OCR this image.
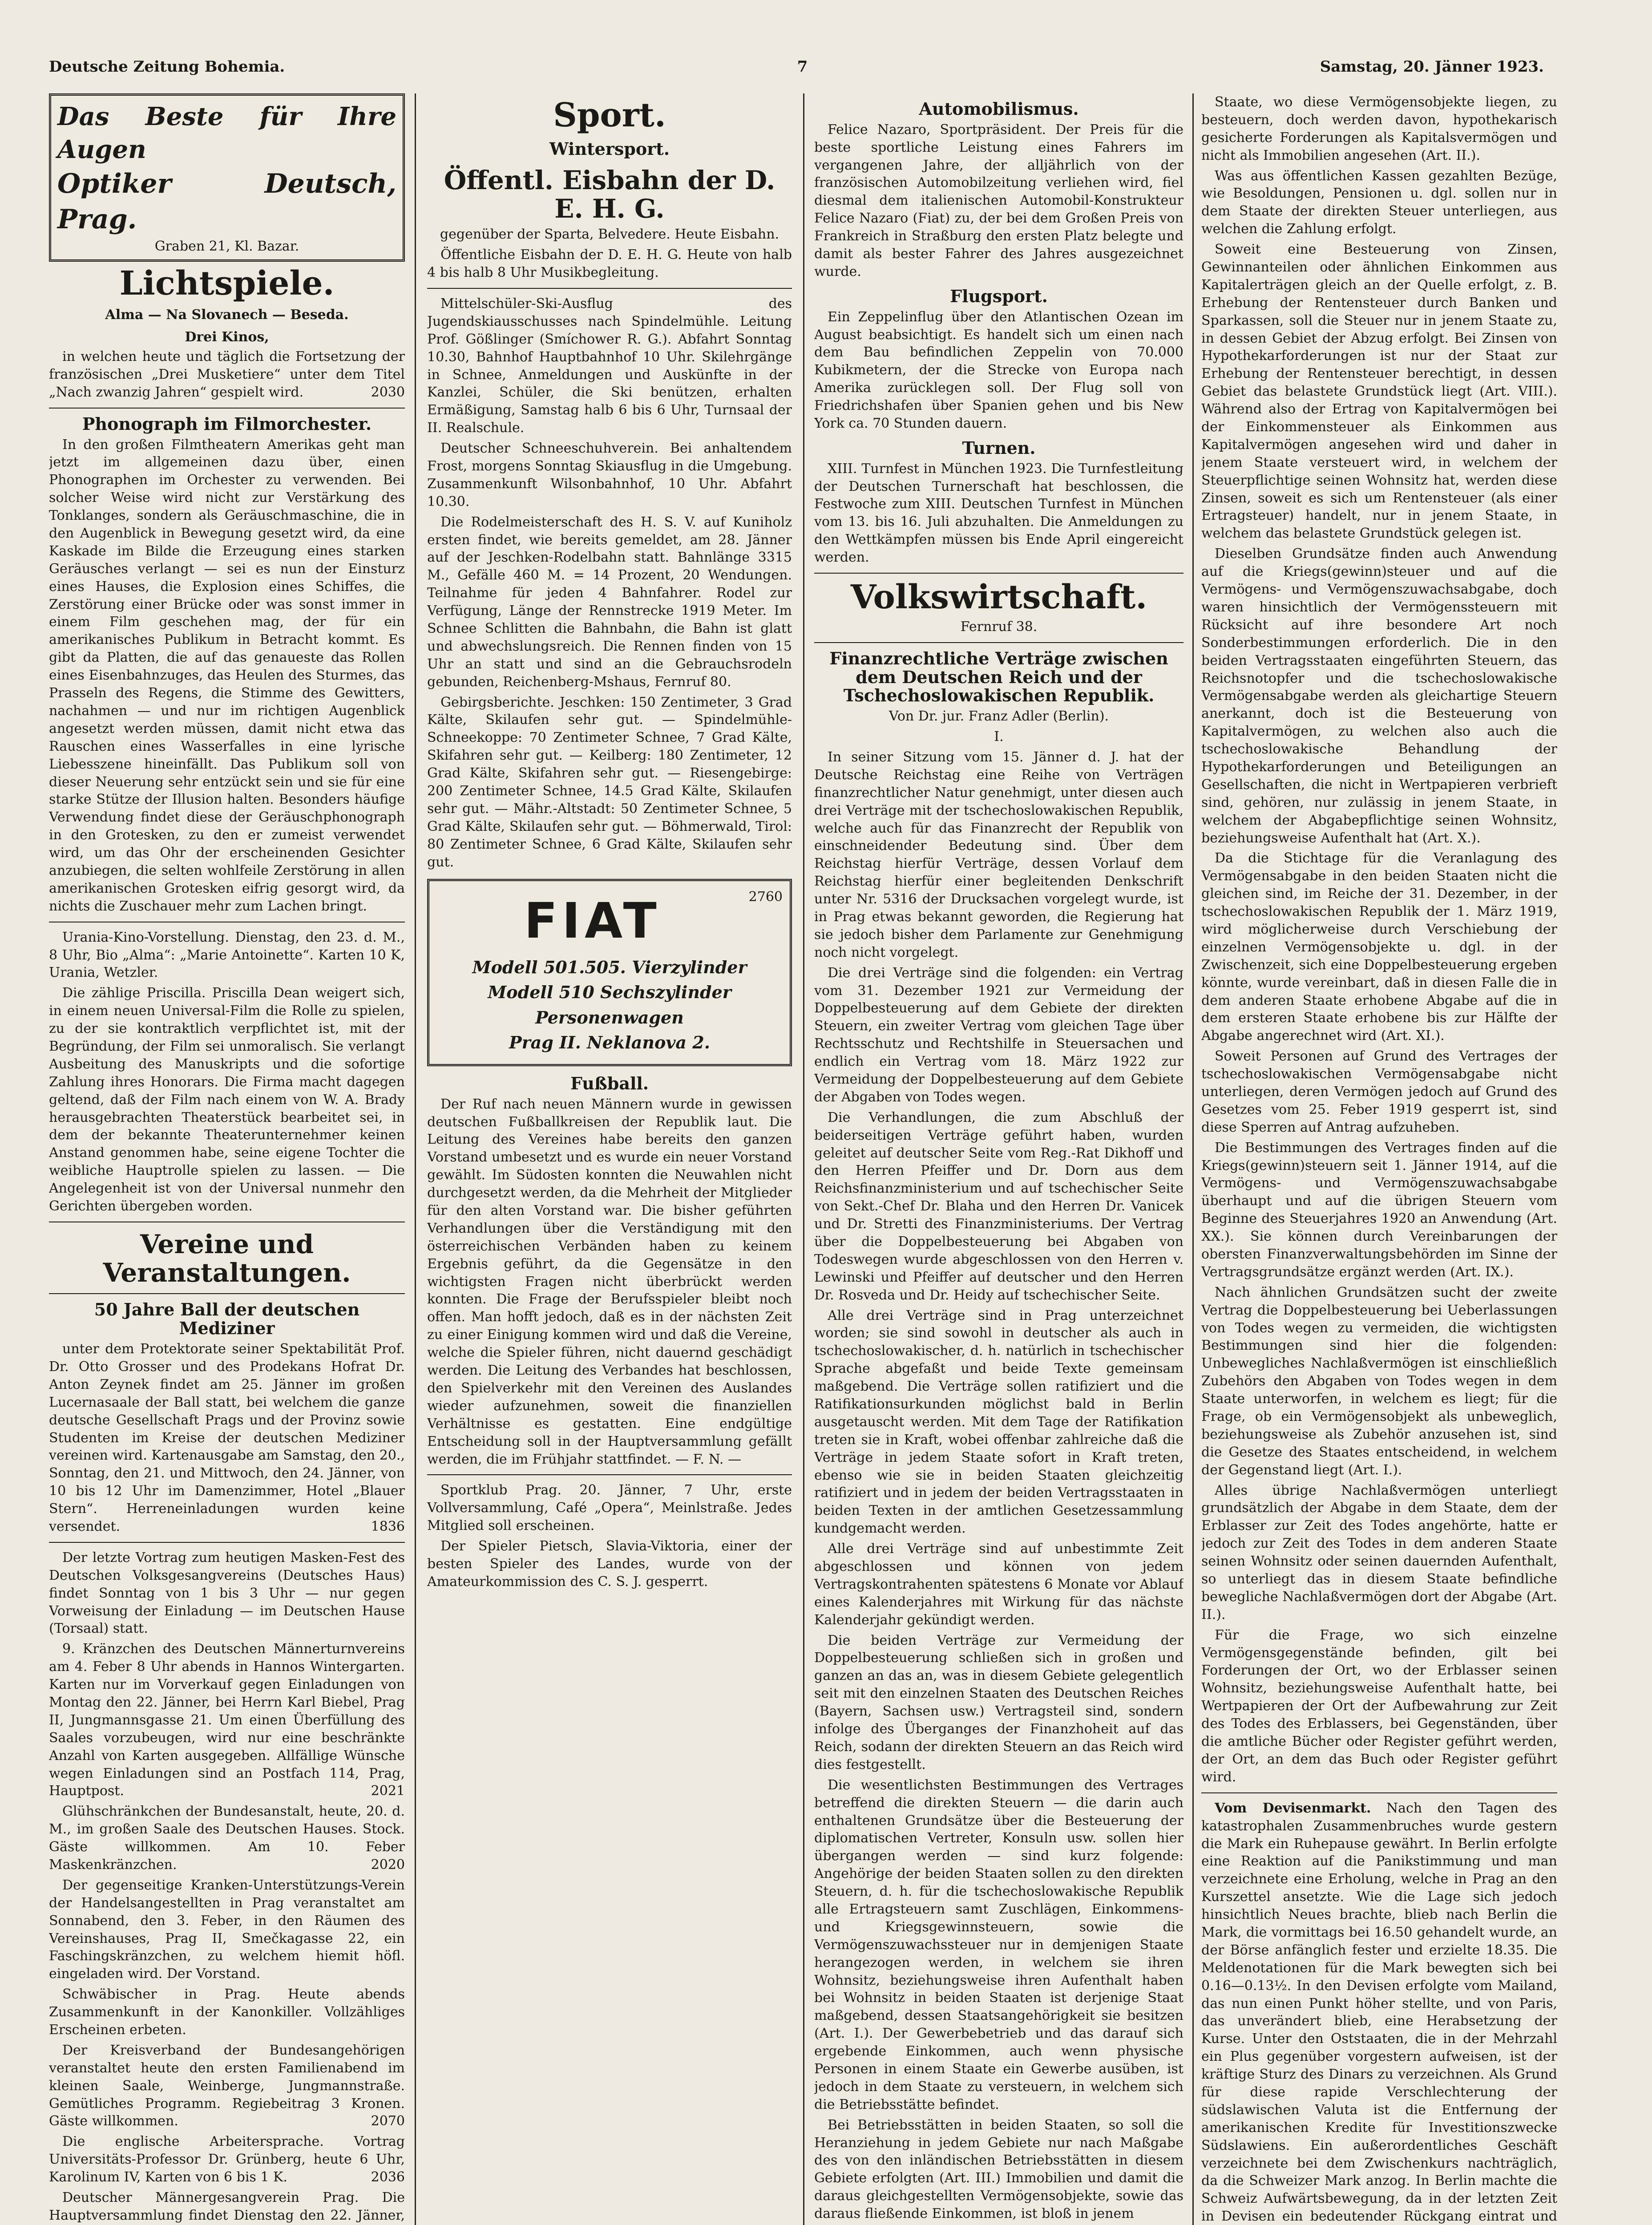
Deutsche Zeitung Bohemia.	7	Samstag, 20. Jänner 1923.
Das Beste für Ihre Augen
Optiker Deutsch, Prag.
Graben 21, Kl. Bazar.
Lichtspiele.
Alma — Na Slovanech — Beseda.
Drei Kinos,

in welchen heute und täglich die Fortsetzung der französischen „Drei Musketiere“ unter dem Titel „Nach zwanzig Jahren“ gespielt wird.	2030

Phonograph im Filmorchester.

In den großen Filmtheatern Amerikas geht man jetzt im allgemeinen dazu über, einen Phonographen im Orchester zu verwenden. Bei solcher Weise wird nicht zur Verstärkung des Tonklanges, sondern als Geräuschmaschine, die in den Augenblick in Bewegung gesetzt wird, da eine Kaskade im Bilde die Erzeugung eines starken Geräusches verlangt — sei es nun der Einsturz eines Hauses, die Explosion eines Schiffes, die Zerstörung einer Brücke oder was sonst immer in einem Film geschehen mag, der für ein amerikanisches Publikum in Betracht kommt. Es gibt da Platten, die auf das genaueste das Rollen eines Eisenbahnzuges, das Heulen des Sturmes, das Prasseln des Regens, die Stimme des Gewitters, nachahmen — und nur im richtigen Augenblick angesetzt werden müssen, damit nicht etwa das Rauschen eines Wasserfalles in eine lyrische Liebesszene hineinfällt. Das Publikum soll von dieser Neuerung sehr entzückt sein und sie für eine starke Stütze der Illusion halten. Besonders häufige Verwendung findet diese der Geräuschphonograph in den Grotesken, zu den er zumeist verwendet wird, um das Ohr der erscheinenden Gesichter anzubiegen, die selten wohlfeile Zerstörung in allen amerikanischen Grotesken eifrig gesorgt wird, da nichts die Zuschauer mehr zum Lachen bringt.

Urania-Kino-Vorstellung. Dienstag, den 23. d. M., 8 Uhr, Bio „Alma“: „Marie Antoinette“. Karten 10 K, Urania, Wetzler.

Die zählige Priscilla. Priscilla Dean weigert sich, in einem neuen Universal-Film die Rolle zu spielen, zu der sie kontraktlich verpflichtet ist, mit der Begründung, der Film sei unmoralisch. Sie verlangt Ausbeitung des Manuskripts und die sofortige Zahlung ihres Honorars. Die Firma macht dagegen geltend, daß der Film nach einem von W. A. Brady herausgebrachten Theaterstück bearbeitet sei, in dem der bekannte Theaterunternehmer keinen Anstand genommen habe, seine eigene Tochter die weibliche Hauptrolle spielen zu lassen. — Die Angelegenheit ist von der Universal nunmehr den Gerichten übergeben worden.

Vereine und Veranstaltungen.
50 Jahre Ball der deutschen Mediziner

unter dem Protektorate seiner Spektabilität Prof. Dr. Otto Grosser und des Prodekans Hofrat Dr. Anton Zeynek findet am 25. Jänner im großen Lucernasaale der Ball statt, bei welchem die ganze deutsche Gesellschaft Prags und der Provinz sowie Studenten im Kreise der deutschen Mediziner vereinen wird. Kartenausgabe am Samstag, den 20., Sonntag, den 21. und Mittwoch, den 24. Jänner, von 10 bis 12 Uhr im Damenzimmer, Hotel „Blauer Stern“. Herreneinladungen wurden keine versendet.	1836

Der letzte Vortrag zum heutigen Masken-Fest des Deutschen Volksgesangvereins (Deutsches Haus) findet Sonntag von 1 bis 3 Uhr — nur gegen Vorweisung der Einladung — im Deutschen Hause (Torsaal) statt.

9. Kränzchen des Deutschen Männerturnvereins am 4. Feber 8 Uhr abends in Hannos Wintergarten. Karten nur im Vorverkauf gegen Einladungen von Montag den 22. Jänner, bei Herrn Karl Biebel, Prag II, Jungmannsgasse 21. Um einen Überfüllung des Saales vorzubeugen, wird nur eine beschränkte Anzahl von Karten ausgegeben. Allfällige Wünsche wegen Einladungen sind an Postfach 114, Prag, Hauptpost.	2021

Glühschränkchen der Bundesanstalt, heute, 20. d. M., im großen Saale des Deutschen Hauses. Stock. Gäste willkommen. Am 10. Feber Maskenkränzchen.	2020

Der gegenseitige Kranken-Unterstützungs-Verein der Handelsangestellten in Prag veranstaltet am Sonnabend, den 3. Feber, in den Räumen des Vereinshauses, Prag II, Smečkagasse 22, ein Faschingskränzchen, zu welchem hiemit höfl. eingeladen wird. Der Vorstand.

Schwäbischer in Prag. Heute abends Zusammenkunft in der Kanonkiller. Vollzähliges Erscheinen erbeten.

Der Kreisverband der Bundesangehörigen veranstaltet heute den ersten Familienabend im kleinen Saale, Weinberge, Jungmannstraße. Gemütliches Programm. Regiebeitrag 3 Kronen. Gäste willkommen.	2070

Die englische Arbeitersprache. Vortrag Universitäts-Professor Dr. Grünberg, heute 6 Uhr, Karolinum IV, Karten von 6 bis 1 K.	2036

Deutscher Männergesangverein Prag. Die Hauptversammlung findet Dienstag den 22. Jänner,

Sport.
Wintersport.
Öffentl. Eisbahn der D. E. H. G.

gegenüber der Sparta, Belvedere. Heute Eisbahn.

Öffentliche Eisbahn der D. E. H. G. Heute von halb 4 bis halb 8 Uhr Musikbegleitung.

Mittelschüler-Ski-Ausflug des Jugendskiausschusses nach Spindelmühle. Leitung Prof. Gößlinger (Smíchower R. G.). Abfahrt Sonntag 10.30, Bahnhof Hauptbahnhof 10 Uhr. Skilehrgänge in Schnee, Anmeldungen und Auskünfte in der Kanzlei, Schüler, die Ski benützen, erhalten Ermäßigung, Samstag halb 6 bis 6 Uhr, Turnsaal der II. Realschule.

Deutscher Schneeschuhverein. Bei anhaltendem Frost, morgens Sonntag Skiausflug in die Umgebung. Zusammenkunft Wilsonbahnhof, 10 Uhr. Abfahrt 10.30.

Die Rodelmeisterschaft des H. S. V. auf Kuniholz ersten findet, wie bereits gemeldet, am 28. Jänner auf der Jeschken-Rodelbahn statt. Bahnlänge 3315 M., Gefälle 460 M. = 14 Prozent, 20 Wendungen. Teilnahme für jeden 4 Bahnfahrer. Rodel zur Verfügung, Länge der Rennstrecke 1919 Meter. Im Schnee Schlitten die Bahnbahn, die Bahn ist glatt und abwechslungsreich. Die Rennen finden von 15 Uhr an statt und sind an die Gebrauchsrodeln gebunden, Reichenberg-Mshaus, Fernruf 80.

Gebirgsberichte. Jeschken: 150 Zentimeter, 3 Grad Kälte, Skilaufen sehr gut. — Spindelmühle-Schneekoppe: 70 Zentimeter Schnee, 7 Grad Kälte, Skifahren sehr gut. — Keilberg: 180 Zentimeter, 12 Grad Kälte, Skifahren sehr gut. — Riesengebirge: 200 Zentimeter Schnee, 14.5 Grad Kälte, Skilaufen sehr gut. — Mähr.-Altstadt: 50 Zentimeter Schnee, 5 Grad Kälte, Skilaufen sehr gut. — Böhmerwald, Tirol: 80 Zentimeter Schnee, 6 Grad Kälte, Skilaufen sehr gut.

2760
FIAT
Modell 501.505. Vierzylinder
Modell 510 Sechszylinder
Personenwagen
Prag II. Neklanova 2.
Fußball.

Der Ruf nach neuen Männern wurde in gewissen deutschen Fußballkreisen der Republik laut. Die Leitung des Vereines habe bereits den ganzen Vorstand umbesetzt und es wurde ein neuer Vorstand gewählt. Im Südosten konnten die Neuwahlen nicht durchgesetzt werden, da die Mehrheit der Mitglieder für den alten Vorstand war. Die bisher geführten Verhandlungen über die Verständigung mit den österreichischen Verbänden haben zu keinem Ergebnis geführt, da die Gegensätze in den wichtigsten Fragen nicht überbrückt werden konnten. Die Frage der Berufsspieler bleibt noch offen. Man hofft jedoch, daß es in der nächsten Zeit zu einer Einigung kommen wird und daß die Vereine, welche die Spieler führen, nicht dauernd geschädigt werden. Die Leitung des Verbandes hat beschlossen, den Spielverkehr mit den Vereinen des Auslandes wieder aufzunehmen, soweit die finanziellen Verhältnisse es gestatten. Eine endgültige Entscheidung soll in der Hauptversammlung gefällt werden, die im Frühjahr stattfindet. — F. N. —

Sportklub Prag. 20. Jänner, 7 Uhr, erste Vollversammlung, Café „Opera“, Meinlstraße. Jedes Mitglied soll erscheinen.

Der Spieler Pietsch, Slavia-Viktoria, einer der besten Spieler des Landes, wurde von der Amateurkommission des C. S. J. gesperrt.

Automobilismus.

Felice Nazaro, Sportpräsident. Der Preis für die beste sportliche Leistung eines Fahrers im vergangenen Jahre, der alljährlich von der französischen Automobilzeitung verliehen wird, fiel diesmal dem italienischen Automobil-Konstrukteur Felice Nazaro (Fiat) zu, der bei dem Großen Preis von Frankreich in Straßburg den ersten Platz belegte und damit als bester Fahrer des Jahres ausgezeichnet wurde.

Flugsport.

Ein Zeppelinflug über den Atlantischen Ozean im August beabsichtigt. Es handelt sich um einen nach dem Bau befindlichen Zeppelin von 70.000 Kubikmetern, der die Strecke von Europa nach Amerika zurücklegen soll. Der Flug soll von Friedrichshafen über Spanien gehen und bis New York ca. 70 Stunden dauern.

Turnen.

XIII. Turnfest in München 1923. Die Turnfestleitung der Deutschen Turnerschaft hat beschlossen, die Festwoche zum XIII. Deutschen Turnfest in München vom 13. bis 16. Juli abzuhalten. Die Anmeldungen zu den Wettkämpfen müssen bis Ende April eingereicht werden.

Volkswirtschaft.

Fernruf 38.

Finanzrechtliche Verträge zwischen dem Deutschen Reich und der Tschechoslowakischen Republik.

Von Dr. jur. Franz Adler (Berlin).

I.

In seiner Sitzung vom 15. Jänner d. J. hat der Deutsche Reichstag eine Reihe von Verträgen finanzrechtlicher Natur genehmigt, unter diesen auch drei Verträge mit der tschechoslowakischen Republik, welche auch für das Finanzrecht der Republik von einschneidender Bedeutung sind. Über dem Reichstag hierfür Verträge, dessen Vorlauf dem Reichstag hierfür einer begleitenden Denkschrift unter Nr. 5316 der Drucksachen vorgelegt wurde, ist in Prag etwas bekannt geworden, die Regierung hat sie jedoch bisher dem Parlamente zur Genehmigung noch nicht vorgelegt.

Die drei Verträge sind die folgenden: ein Vertrag vom 31. Dezember 1921 zur Vermeidung der Doppelbesteuerung auf dem Gebiete der direkten Steuern, ein zweiter Vertrag vom gleichen Tage über Rechtsschutz und Rechtshilfe in Steuersachen und endlich ein Vertrag vom 18. März 1922 zur Vermeidung der Doppelbesteuerung auf dem Gebiete der Abgaben von Todes wegen.

Die Verhandlungen, die zum Abschluß der beiderseitigen Verträge geführt haben, wurden geleitet auf deutscher Seite vom Reg.-Rat Dikhoff und den Herren Pfeiffer und Dr. Dorn aus dem Reichsfinanzministerium und auf tschechischer Seite von Sekt.-Chef Dr. Blaha und den Herren Dr. Vanicek und Dr. Stretti des Finanzministeriums. Der Vertrag über die Doppelbesteuerung bei Abgaben von Todeswegen wurde abgeschlossen von den Herren v. Lewinski und Pfeiffer auf deutscher und den Herren Dr. Rosveda und Dr. Heidy auf tschechischer Seite.

Alle drei Verträge sind in Prag unterzeichnet worden; sie sind sowohl in deutscher als auch in tschechoslowakischer, d. h. natürlich in tschechischer Sprache abgefaßt und beide Texte gemeinsam maßgebend. Die Verträge sollen ratifiziert und die Ratifikationsurkunden möglichst bald in Berlin ausgetauscht werden. Mit dem Tage der Ratifikation treten sie in Kraft, wobei offenbar zahlreiche daß die Verträge in jedem Staate sofort in Kraft treten, ebenso wie sie in beiden Staaten gleichzeitig ratifiziert und in jedem der beiden Vertragsstaaten in beiden Texten in der amtlichen Gesetzessammlung kundgemacht werden.

Alle drei Verträge sind auf unbestimmte Zeit abgeschlossen und können von jedem Vertragskontrahenten spätestens 6 Monate vor Ablauf eines Kalenderjahres mit Wirkung für das nächste Kalenderjahr gekündigt werden.

Die beiden Verträge zur Vermeidung der Doppelbesteuerung schließen sich in großen und ganzen an das an, was in diesem Gebiete gelegentlich seit mit den einzelnen Staaten des Deutschen Reiches (Bayern, Sachsen usw.) Vertragsteil sind, sondern infolge des Überganges der Finanzhoheit auf das Reich, sodann der direkten Steuern an das Reich wird dies festgestellt.

Die wesentlichsten Bestimmungen des Vertrages betreffend die direkten Steuern — die darin auch enthaltenen Grundsätze über die Besteuerung der diplomatischen Vertreter, Konsuln usw. sollen hier übergangen werden — sind kurz folgende: Angehörige der beiden Staaten sollen zu den direkten Steuern, d. h. für die tschechoslowakische Republik alle Ertragsteuern samt Zuschlägen, Einkommens- und Kriegsgewinnsteuern, sowie die Vermögenszuwachssteuer nur in demjenigen Staate herangezogen werden, in welchem sie ihren Wohnsitz, beziehungsweise ihren Aufenthalt haben bei Wohnsitz in beiden Staaten ist derjenige Staat maßgebend, dessen Staatsangehörigkeit sie besitzen (Art. I.). Der Gewerbebetrieb und das darauf sich ergebende Einkommen, auch wenn physische Personen in einem Staate ein Gewerbe ausüben, ist jedoch in dem Staate zu versteuern, in welchem sich die Betriebsstätte befindet.

Bei Betriebsstätten in beiden Staaten, so soll die Heranziehung in jedem Gebiete nur nach Maßgabe des von den inländischen Betriebsstätten in diesem Gebiete erfolgten (Art. III.) Immobilien und damit die daraus gleichgestellten Vermögensobjekte, sowie das daraus fließende Einkommen, ist bloß in jenem

Staate, wo diese Vermögensobjekte liegen, zu besteuern, doch werden davon, hypothekarisch gesicherte Forderungen als Kapitalsvermögen und nicht als Immobilien angesehen (Art. II.).

Was aus öffentlichen Kassen gezahlten Bezüge, wie Besoldungen, Pensionen u. dgl. sollen nur in dem Staate der direkten Steuer unterliegen, aus welchen die Zahlung erfolgt.

Soweit eine Besteuerung von Zinsen, Gewinnanteilen oder ähnlichen Einkommen aus Kapitalerträgen gleich an der Quelle erfolgt, z. B. Erhebung der Rentensteuer durch Banken und Sparkassen, soll die Steuer nur in jenem Staate zu, in dessen Gebiet der Abzug erfolgt. Bei Zinsen von Hypothekarforderungen ist nur der Staat zur Erhebung der Rentensteuer berechtigt, in dessen Gebiet das belastete Grundstück liegt (Art. VIII.). Während also der Ertrag von Kapitalvermögen bei der Einkommensteuer als Einkommen aus Kapitalvermögen angesehen wird und daher in jenem Staate versteuert wird, in welchem der Steuerpflichtige seinen Wohnsitz hat, werden diese Zinsen, soweit es sich um Rentensteuer (als einer Ertragsteuer) handelt, nur in jenem Staate, in welchem das belastete Grundstück gelegen ist.

Dieselben Grundsätze finden auch Anwendung auf die Kriegs(gewinn)steuer und auf die Vermögens- und Vermögenszuwachsabgabe, doch waren hinsichtlich der Vermögenssteuern mit Rücksicht auf ihre besondere Art noch Sonderbestimmungen erforderlich. Die in den beiden Vertragsstaaten eingeführten Steuern, das Reichsnotopfer und die tschechoslowakische Vermögensabgabe werden als gleichartige Steuern anerkannt, doch ist die Besteuerung von Kapitalvermögen, zu welchen also auch die tschechoslowakische Behandlung der Hypothekarforderungen und Beteiligungen an Gesellschaften, die nicht in Wertpapieren verbrieft sind, gehören, nur zulässig in jenem Staate, in welchem der Abgabepflichtige seinen Wohnsitz, beziehungsweise Aufenthalt hat (Art. X.).

Da die Stichtage für die Veranlagung des Vermögensabgabe in den beiden Staaten nicht die gleichen sind, im Reiche der 31. Dezember, in der tschechoslowakischen Republik der 1. März 1919, wird möglicherweise durch Verschiebung der einzelnen Vermögensobjekte u. dgl. in der Zwischenzeit, sich eine Doppelbesteuerung ergeben könnte, wurde vereinbart, daß in diesen Falle die in dem anderen Staate erhobene Abgabe auf die in dem ersteren Staate erhobene bis zur Hälfte der Abgabe angerechnet wird (Art. XI.).

Soweit Personen auf Grund des Vertrages der tschechoslowakischen Vermögensabgabe nicht unterliegen, deren Vermögen jedoch auf Grund des Gesetzes vom 25. Feber 1919 gesperrt ist, sind diese Sperren auf Antrag aufzuheben.

Die Bestimmungen des Vertrages finden auf die Kriegs(gewinn)steuern seit 1. Jänner 1914, auf die Vermögens- und Vermögenszuwachsabgabe überhaupt und auf die übrigen Steuern vom Beginne des Steuerjahres 1920 an Anwendung (Art. XX.). Sie können durch Vereinbarungen der obersten Finanzverwaltungsbehörden im Sinne der Vertragsgrundsätze ergänzt werden (Art. IX.).

Nach ähnlichen Grundsätzen sucht der zweite Vertrag die Doppelbesteuerung bei Ueberlassungen von Todes wegen zu vermeiden, die wichtigsten Bestimmungen sind hier die folgenden: Unbewegliches Nachlaßvermögen ist einschließlich Zubehörs den Abgaben von Todes wegen in dem Staate unterworfen, in welchem es liegt; für die Frage, ob ein Vermögensobjekt als unbeweglich, beziehungsweise als Zubehör anzusehen ist, sind die Gesetze des Staates entscheidend, in welchem der Gegenstand liegt (Art. I.).

Alles übrige Nachlaßvermögen unterliegt grundsätzlich der Abgabe in dem Staate, dem der Erblasser zur Zeit des Todes angehörte, hatte er jedoch zur Zeit des Todes in dem anderen Staate seinen Wohnsitz oder seinen dauernden Aufenthalt, so unterliegt das in diesem Staate befindliche bewegliche Nachlaßvermögen dort der Abgabe (Art. II.).

Für die Frage, wo sich einzelne Vermögensgegenstände befinden, gilt bei Forderungen der Ort, wo der Erblasser seinen Wohnsitz, beziehungsweise Aufenthalt hatte, bei Wertpapieren der Ort der Aufbewahrung zur Zeit des Todes des Erblassers, bei Gegenständen, über die amtliche Bücher oder Register geführt werden, der Ort, an dem das Buch oder Register geführt wird.

Vom Devisenmarkt. Nach den Tagen des katastrophalen Zusammenbruches wurde gestern die Mark ein Ruhepause gewährt. In Berlin erfolgte eine Reaktion auf die Panikstimmung und man verzeichnete eine Erholung, welche in Prag an den Kurszettel ansetzte. Wie die Lage sich jedoch hinsichtlich Neues brachte, blieb nach Berlin die Mark, die vormittags bei 16.50 gehandelt wurde, an der Börse anfänglich fester und erzielte 18.35. Die Meldenotationen für die Mark bewegten sich bei 0.16—0.13½. In den Devisen erfolgte vom Mailand, das nun einen Punkt höher stellte, und von Paris, das unverändert blieb, eine Herabsetzung der Kurse. Unter den Oststaaten, die in der Mehrzahl ein Plus gegenüber vorgestern aufweisen, ist der kräftige Sturz des Dinars zu verzeichnen. Als Grund für diese rapide Verschlechterung der südslawischen Valuta ist die Entfernung der amerikanischen Kredite für Investitionszwecke Südslawiens. Ein außerordentliches Geschäft verzeichnete bei dem Zwischenkurs nachträglich, da die Schweizer Mark anzog. In Berlin machte die Schweiz Aufwärtsbewegung, da in der letzten Zeit in Devisen ein bedeutender Rückgang eintrat und
